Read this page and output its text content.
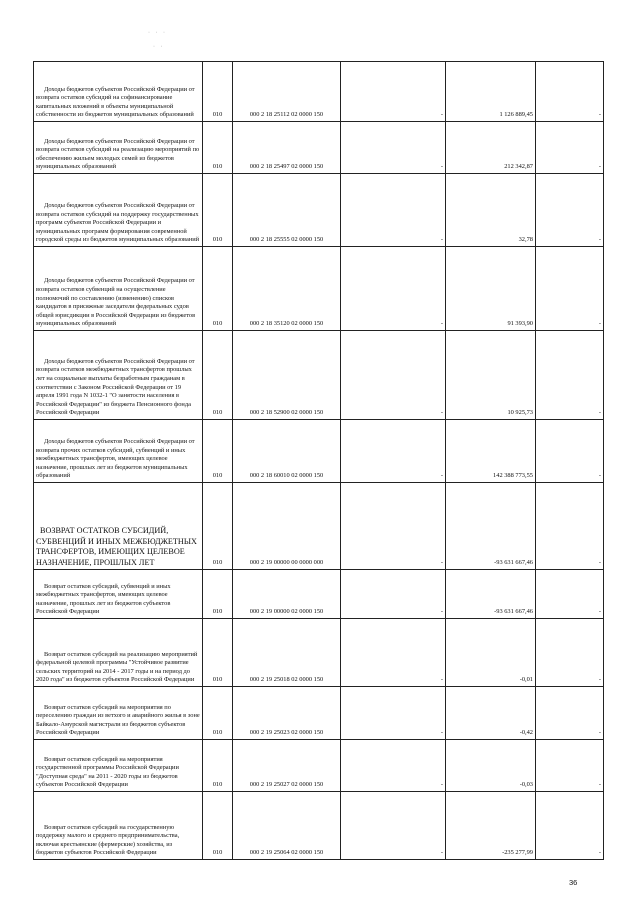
· · ·
· ·
Доходы бюджетов субъектов Российской Федерации от возврата остатков субсидий на софинансирование капитальных вложений в объекты муниципальной собственности из бюджетов муниципальных образований	010	000 2 18 25112 02 0000 150	-	1 126 889,45	-
Доходы бюджетов субъектов Российской Федерации от возврата остатков субсидий на реализацию мероприятий по обеспечению жильем молодых семей из бюджетов муниципальных образований	010	000 2 18 25497 02 0000 150	-	212 342,87	-
Доходы бюджетов субъектов Российской Федерации от возврата остатков субсидий на поддержку государственных программ субъектов Российской Федерации и муниципальных программ формирования современной городской среды из бюджетов муниципальных образований	010	000 2 18 25555 02 0000 150	-	32,78	-
Доходы бюджетов субъектов Российской Федерации от возврата остатков субвенций на осуществление полномочий по составлению (изменению) списков кандидатов в присяжные заседатели федеральных судов общей юрисдикции в Российской Федерации из бюджетов муниципальных образований	010	000 2 18 35120 02 0000 150	-	91 393,90	-
Доходы бюджетов субъектов Российской Федерации от возврата остатков межбюджетных трансфертов прошлых лет на социальные выплаты безработным гражданам в соответствии с Законом Российской Федерации от 19 апреля 1991 года N 1032-1 "О занятости населения в Российской Федерации" из бюджета Пенсионного фонда Российской Федерации	010	000 2 18 52900 02 0000 150	-	10 925,73	-
Доходы бюджетов субъектов Российской Федерации от возврата прочих остатков субсидий, субвенций и иных межбюджетных трансфертов, имеющих целевое назначение, прошлых лет из бюджетов муниципальных образований	010	000 2 18 60010 02 0000 150	-	142 388 773,55	-
ВОЗВРАТ ОСТАТКОВ СУБСИДИЙ, СУБВЕНЦИЙ И ИНЫХ МЕЖБЮДЖЕТНЫХ ТРАНСФЕРТОВ, ИМЕЮЩИХ ЦЕЛЕВОЕ НАЗНАЧЕНИЕ, ПРОШЛЫХ ЛЕТ	010	000 2 19 00000 00 0000 000	-	-93 631 667,46	-
Возврат остатков субсидий, субвенций и иных межбюджетных трансфертов, имеющих целевое назначение, прошлых лет из бюджетов субъектов Российской Федерации	010	000 2 19 00000 02 0000 150	-	-93 631 667,46	-
Возврат остатков субсидий на реализацию мероприятий федеральной целевой программы "Устойчивое развитие сельских территорий на 2014 - 2017 годы и на период до 2020 года" из бюджетов субъектов Российской Федерации	010	000 2 19 25018 02 0000 150	-	-0,01	-
Возврат остатков субсидий на мероприятия по переселению граждан из ветхого и аварийного жилья в зоне Байкало-Амурской магистрали из бюджетов субъектов Российской Федерации	010	000 2 19 25023 02 0000 150	-	-0,42	-
Возврат остатков субсидий на мероприятия государственной программы Российской Федерации "Доступная среда" на 2011 - 2020 годы из бюджетов субъектов Российской Федерации	010	000 2 19 25027 02 0000 150	-	-0,03	-
Возврат остатков субсидий на государственную поддержку малого и среднего предпринимательства, включая крестьянские (фермерские) хозяйства, из бюджетов субъектов Российской Федерации	010	000 2 19 25064 02 0000 150	-	-235 277,99	-
36
